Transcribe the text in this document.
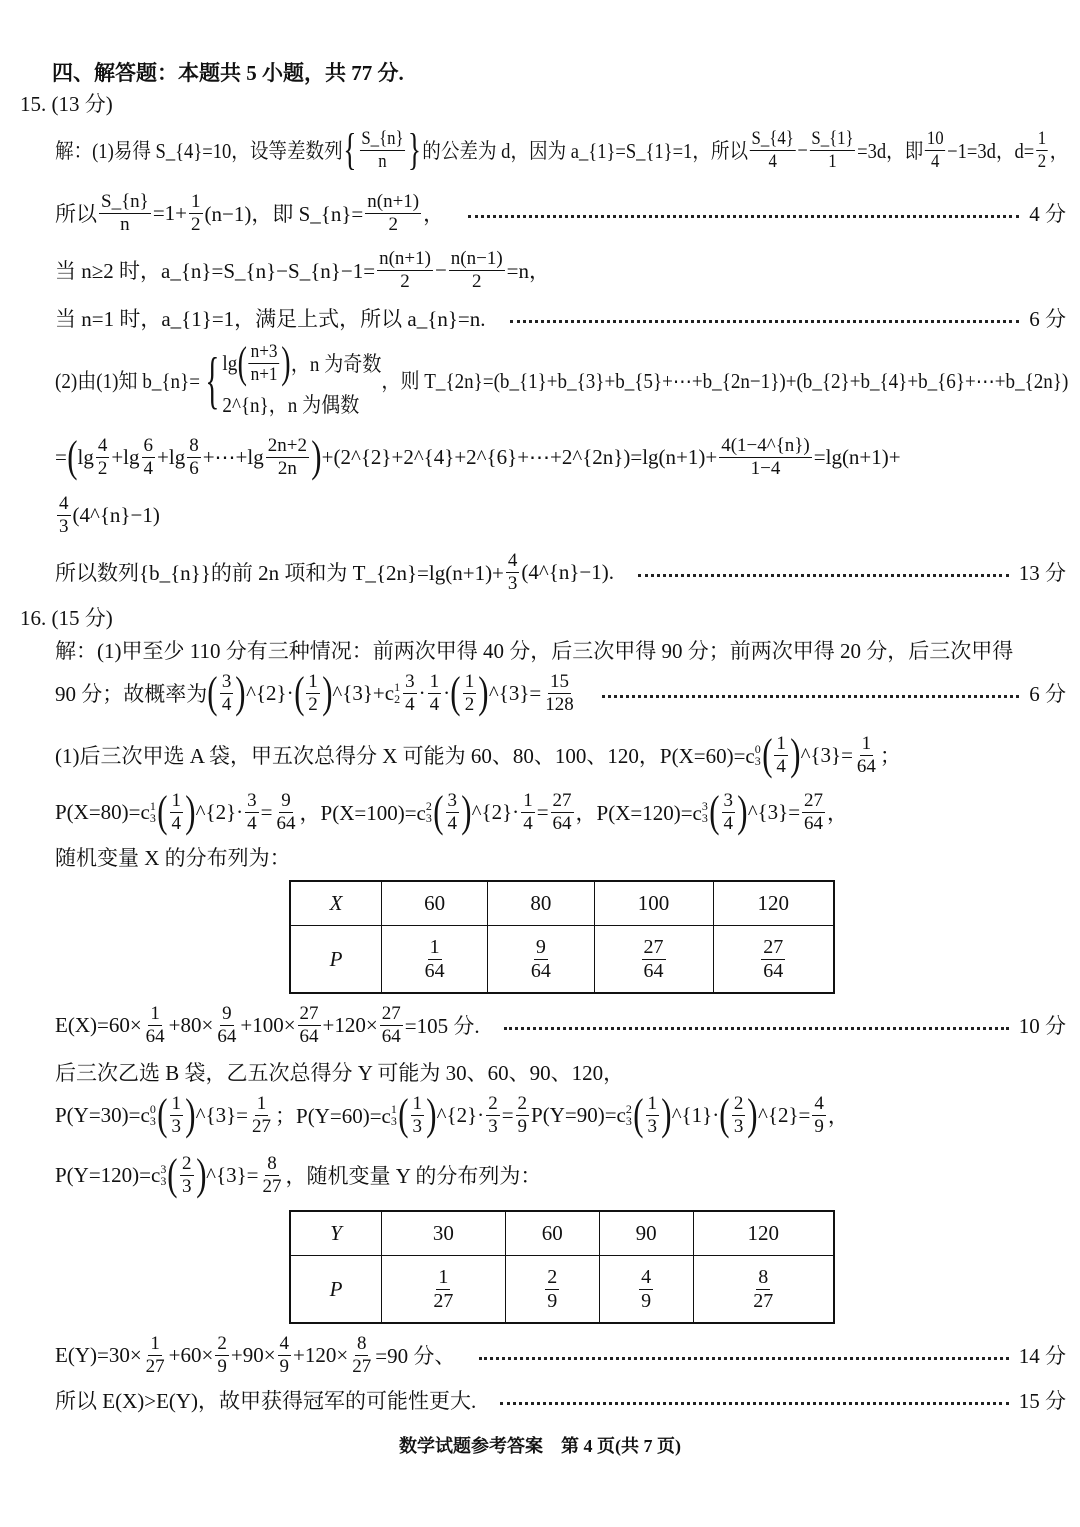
四、解答题：本题共 5 小题，共 77 分.
15. (13 分)
解：(1)易得 S_{4}=10，设等差数列 { $\frac{S\_\{n\}}{n}$ } 的公差为 d，因为 a_{1}=S_{1}=1，所以 $\frac{S\_\{4\}}{4} - \frac{S\_\{1\}}{1} =3d$，即 $\frac{10}{4} -1=3d$，$d= \frac{1}{2}$ ，
所以 $\frac{S\_\{n\}}{n} =1+ \frac{1}{2} (n-1)$，即 S_{n}= $\frac{n(n+1)}{2}$ ，	4 分
当 n≥2 时，a_{n}=S_{n}−S_{n}−1= $\frac{n(n+1)}{2} - \frac{n(n-1)}{2} =n$，
当 n=1 时，a_{1}=1，满足上式，所以 a_{n}=n.	6 分
(2)由(1)知 b_{n}= { lg ( $\frac{n+3}{n+1}$ ) ，n 为奇数
2^{n}，n 为偶数
，则 T_{2n}=(b_{1}+b_{3}+b_{5}+⋯+b_{2n−1})+(b_{2}+b_{4}+b_{6}+⋯+b_{2n})
= ( $\lg \frac{4}{2} +\lg \frac{6}{4} +\lg \frac{8}{6}$ +⋯+lg $\frac{2n+2}{2n}$ ) +(2^{2}+2^{4}+2^{6}+⋯+2^{2n})=lg(n+1)+ $\frac{4(1-4\^{}\{n\})}{1-4} =\lg(n+1)+$
$\frac{4}{3}$ (4^{n}−1)
所以数列{b_{n}}的前 2n 项和为 T_{2n}=lg(n+1)+ $\frac{4}{3}$ (4^{n}−1).	13 分
16. (15 分)
解：(1)甲至少 110 分有三种情况：前两次甲得 40 分，后三次甲得 90 分；前两次甲得 20 分，后三次甲得
90 分；故概率为 ( $\frac{3}{4}$ ) ^{2}· ( $\frac{1}{2}$ ) ^{3}+c 1
$2 \frac{3}{4} \cdot \frac{1}{4}$ · ( $\frac{1}{2}$ ) ^{3}= $\frac{15}{128}$	6 分
(1)后三次甲选 A 袋，甲五次总得分 X 可能为 60、80、100、120，P(X=60)=c 0
3 ( $\frac{1}{4}$ ) ^{3}= $\frac{1}{64}$ ；
P(X=80)=c 1
3 ( $\frac{1}{4}$ ) ^{2}· $\frac{3}{4} = \frac{9}{64}$ ，P(X=100)=c 2
3 ( $\frac{3}{4}$ ) ^{2}· $\frac{1}{4} = \frac{27}{64}$ ，P(X=120)=c 3
3 ( $\frac{3}{4}$ ) ^{3}= $\frac{27}{64}$ ，
随机变量 X 的分布列为：
X	60	80	100	120
P	$\frac{1}{64}$	$\frac{9}{64}$	$\frac{27}{64}$	$\frac{27}{64}$
$E(X)=60\times \frac{1}{64} +80\times \frac{9}{64} +100\times \frac{27}{64} +120\times \frac{27}{64} =105$ 分.	10 分
后三次乙选 B 袋，乙五次总得分 Y 可能为 30、60、90、120，
P(Y=30)=c 0
3 ( $\frac{1}{3}$ ) ^{3}= $\frac{1}{27}$ ；P(Y=60)=c 1
3 ( $\frac{1}{3}$ ) ^{2}· $\frac{2}{3} = \frac{2}{9} P(Y=90)=c$ 2
3 ( $\frac{1}{3}$ ) ^{1}· ( $\frac{2}{3}$ ) ^{2}= $\frac{4}{9}$ ，
P(Y=120)=c 3
3 ( $\frac{2}{3}$ ) ^{3}= $\frac{8}{27}$ ，随机变量 Y 的分布列为：
Y	30	60	90	120
P	$\frac{1}{27}$	$\frac{2}{9}$	$\frac{4}{9}$	$\frac{8}{27}$
$E(Y)=30\times \frac{1}{27} +60\times \frac{2}{9} +90\times \frac{4}{9} +120\times \frac{8}{27} =90$ 分、	14 分
所以 E(X)>E(Y)，故甲获得冠军的可能性更大.	15 分
数学试题参考答案　第 4 页(共 7 页)
